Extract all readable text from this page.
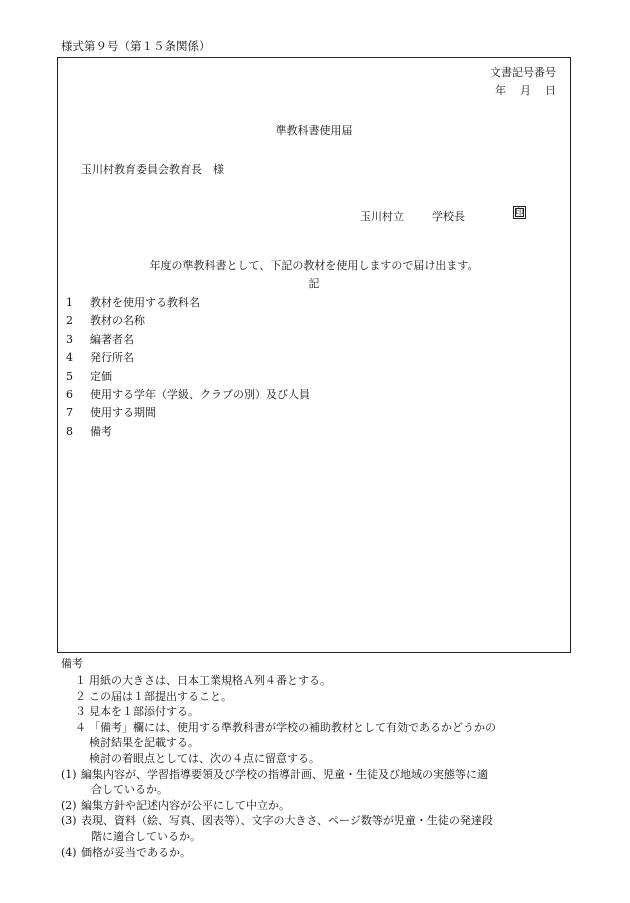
様式第９号（第１５条関係）
文書記号番号
年 月 日
準教科書使用届
玉川村教育委員会教育長　様
玉川村立	学校長	印
年度の準教科書として、下記の教材を使用しますので届け出ます。
記
1 教材を使用する教科名
2 教材の名称
3 編著者名
4 発行所名
5 定価
6 使用する学年（学級、クラブの別）及び人員
7 使用する期間
8 備考
備考
１ 用紙の大きさは、日本工業規格Ａ列４番とする。
２ この届は１部提出すること。
３ 見本を１部添付する。
４ 「備考」欄には、使用する準教科書が学校の補助教材として有効であるかどうかの
検討結果を記載する。
検討の着眼点としては、次の４点に留意する。
(1) 編集内容が、学習指導要領及び学校の指導計画、児童・生徒及び地域の実態等に適
合しているか。
(2) 編集方針や記述内容が公平にして中立か。
(3) 表現、資料（絵、写真、図表等）、文字の大きさ、ページ数等が児童・生徒の発達段
階に適合しているか。
(4) 価格が妥当であるか。
